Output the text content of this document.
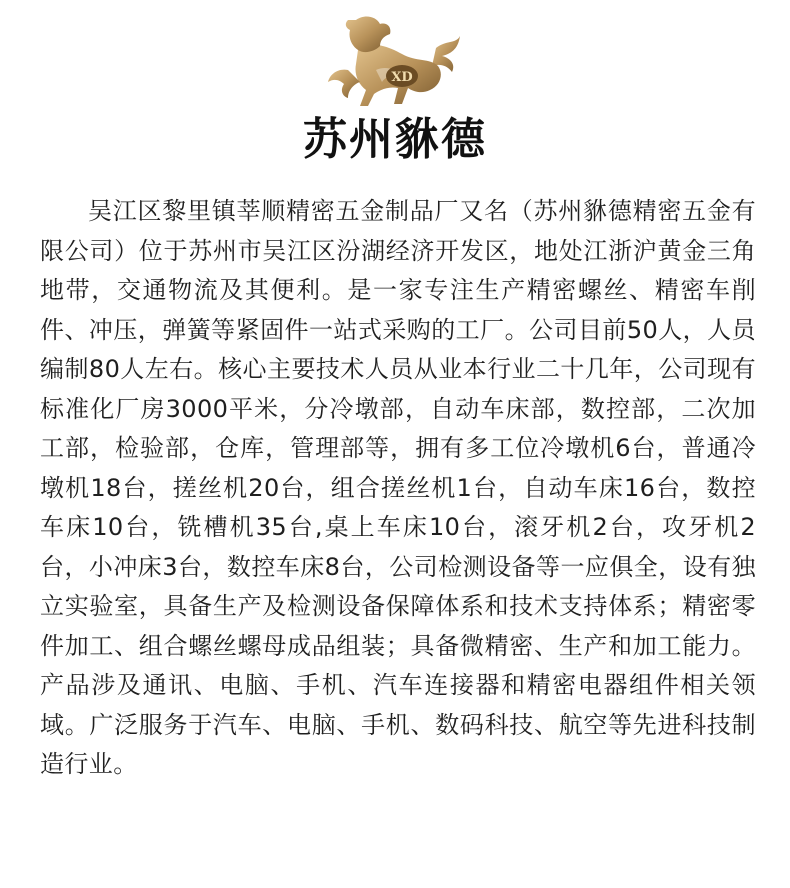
XD
苏州貅德

吴江区黎里镇莘顺精密五金制品厂又名（苏州貅德精密五金有限公司）位于苏州市吴江区汾湖经济开发区，地处江浙沪黄金三角地带，交通物流及其便利。是一家专注生产精密螺丝、精密车削件、冲压，弹簧等紧固件一站式采购的工厂。公司目前50人，人员编制80人左右。核心主要技术人员从业本行业二十几年，公司现有标准化厂房3000平米，分冷墩部，自动车床部，数控部，二次加工部，检验部，仓库，管理部等，拥有多工位冷墩机6台，普通冷墩机18台，搓丝机20台，组合搓丝机1台，自动车床16台，数控车床10台，铣槽机35台,桌上车床10台，滚牙机2台，攻牙机2台，小冲床3台，数控车床8台，公司检测设备等一应俱全，设有独立实验室，具备生产及检测设备保障体系和技术支持体系；精密零件加工、组合螺丝螺母成品组装；具备微精密、生产和加工能力。 产品涉及通讯、电脑、手机、汽车连接器和精密电器组件相关领域。广泛服务于汽车、电脑、手机、数码科技、航空等先进科技制造行业。
